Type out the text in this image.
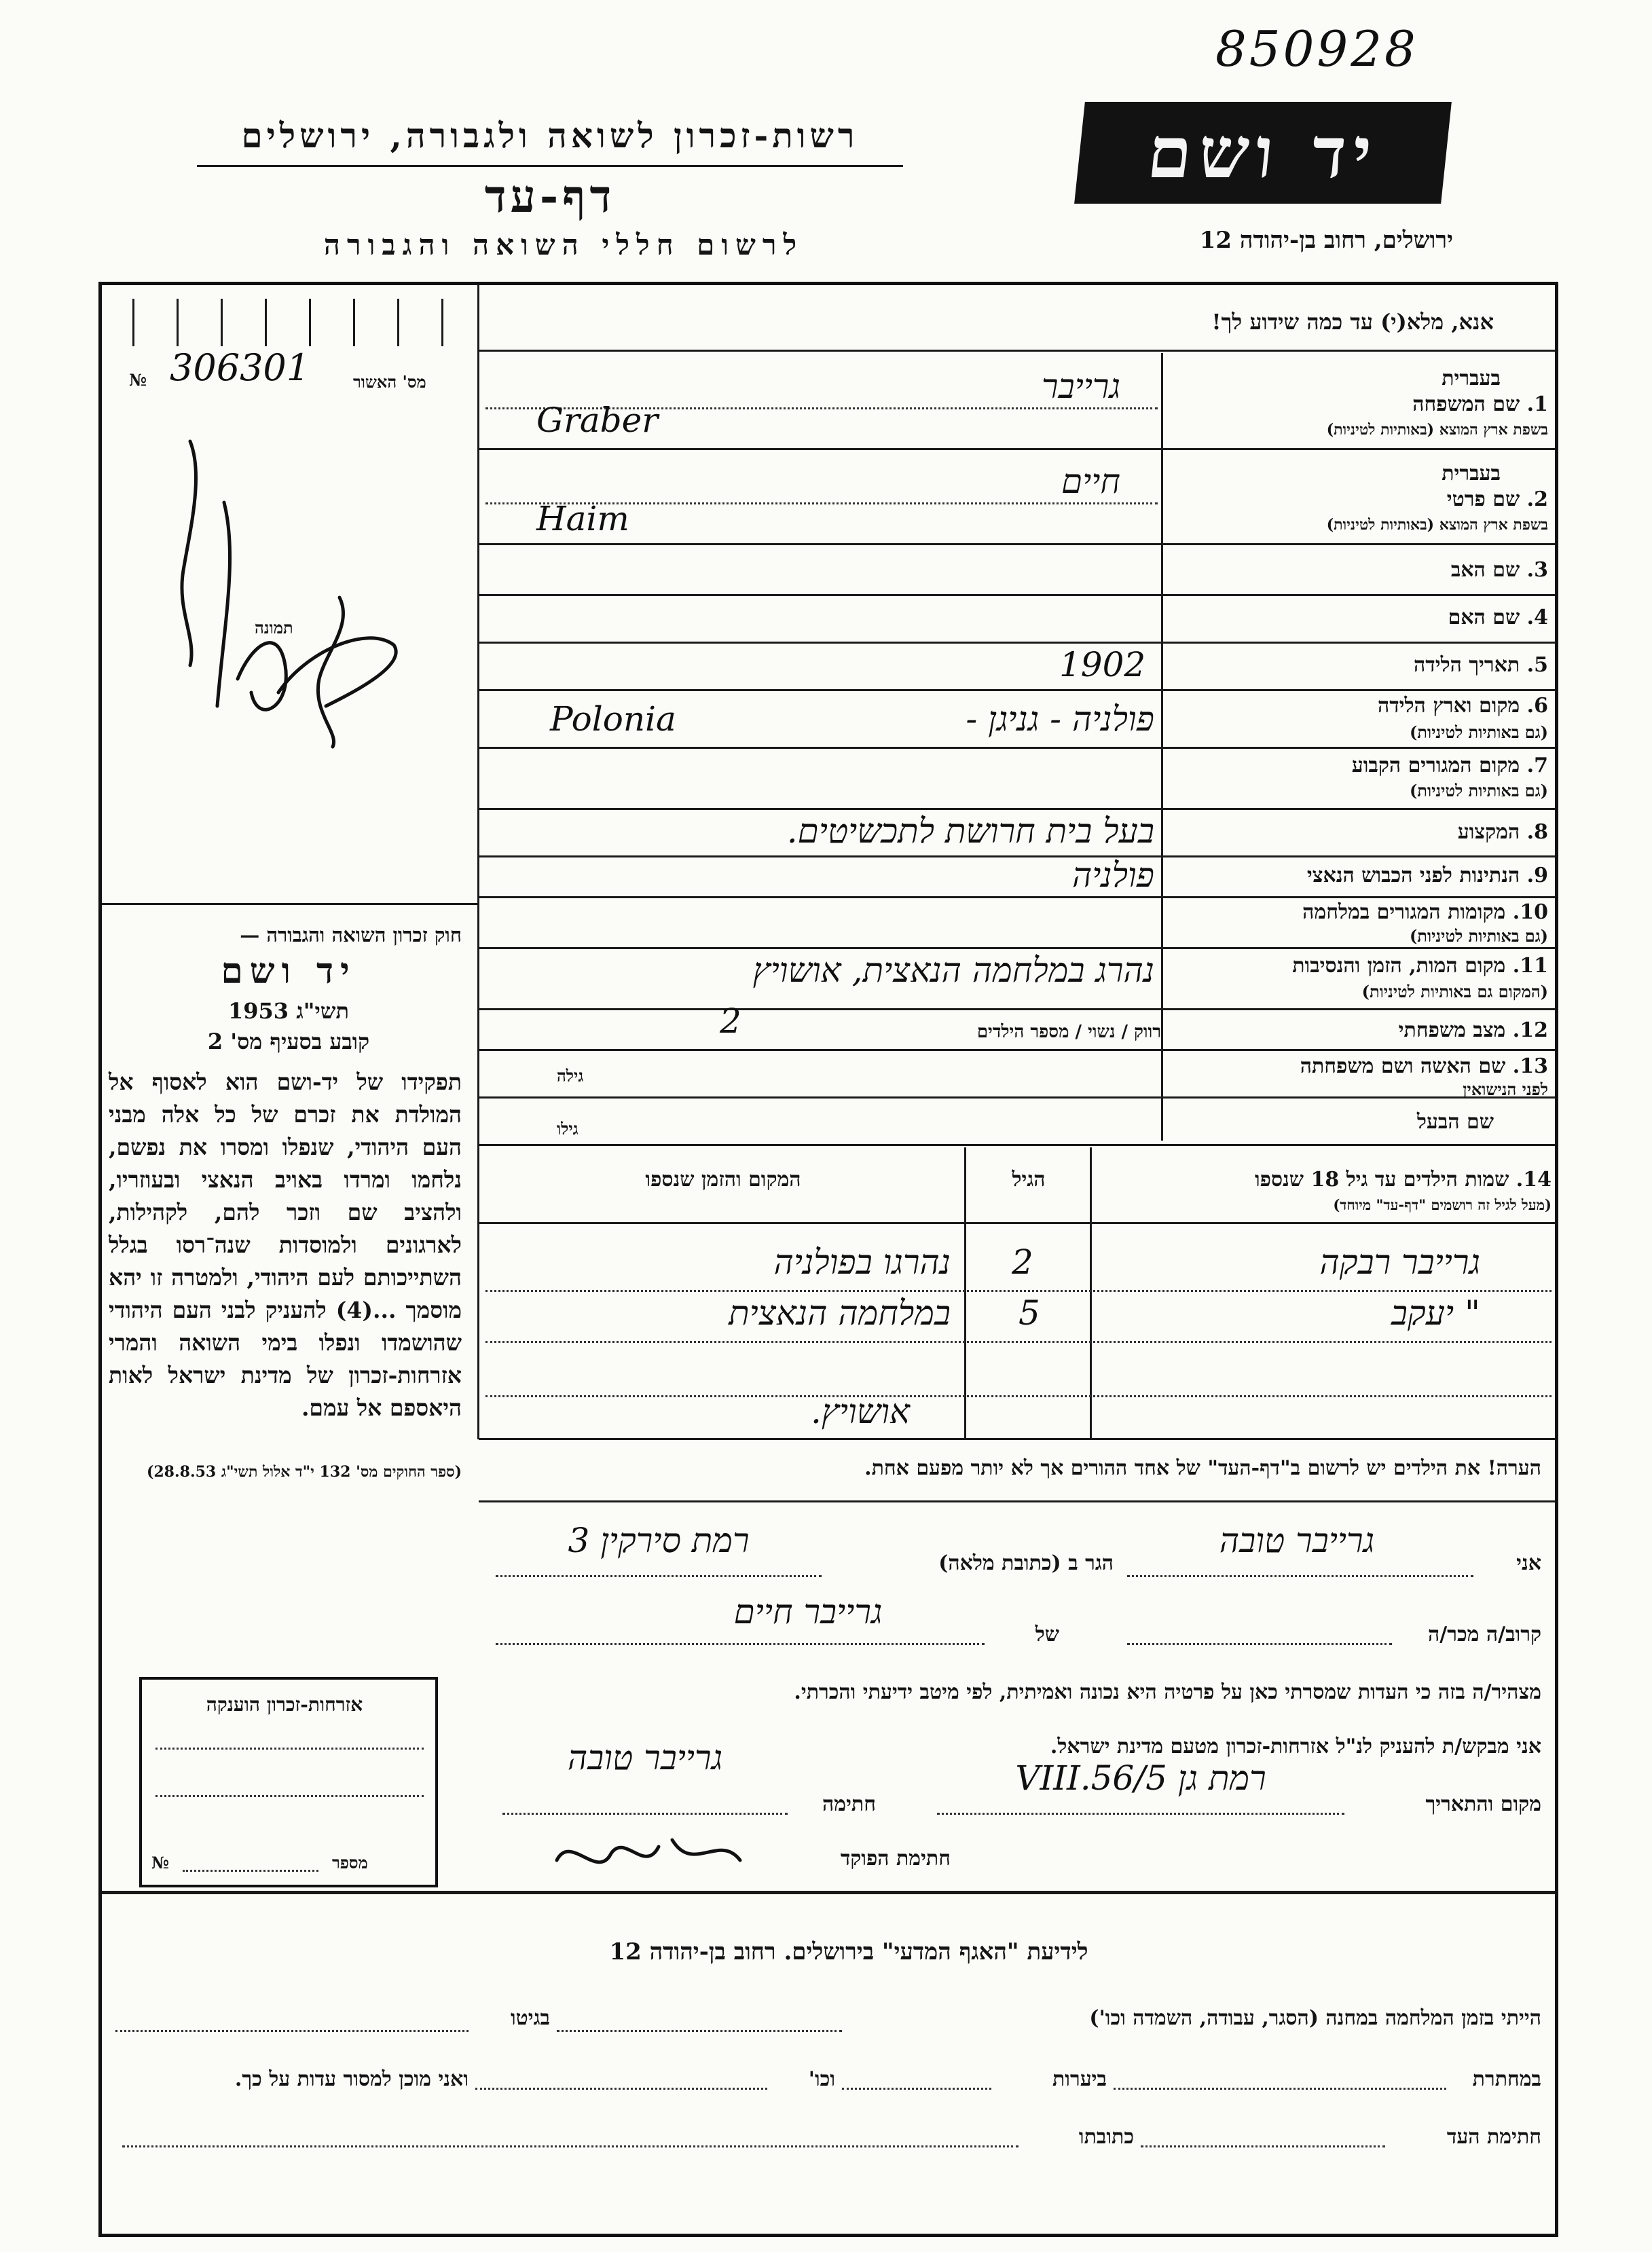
850928
רשות-זכרון לשואה ולגבורה, ירושלים
דף-עד
לרשום חללי השואה והגבורה
יד ושם
ירושלים, רחוב בן-יהודה 12
אנא, מלא(י) עד כמה שידוע לך!
№ 306301	מס' האשור
תמונה
חוק זכרון השואה והגבורה —
יד ושם
תשי"ג 1953
קובע בסעיף מס' 2
תפקידו של יד-ושם הוא לאסוף אל המולדת את זכרם של כל אלה מבני העם היהודי, שנפלו ומסרו את נפשם, נלחמו ומרדו באויב הנאצי ובעוזריו, ולהציב שם וזכר להם, לקהילות, לארגונים ולמוסדות שנה־רסו בגלל השתייכותם לעם היהודי, ולמטרה זו יהא מוסמך ...(4) להעניק לבני העם היהודי שהושמדו ונפלו בימי השואה והמרי אזרחות-זכרון של מדינת ישראל לאות היאספם אל עמם.
(ספר החוקים מס' 132 י"ד אלול תשי"ג 28.8.53)
בעברית
1. שם המשפחה
בשפת ארץ המוצא (באותיות לטיניות)
גרייבר
Graber
בעברית
2. שם פרטי
בשפת ארץ המוצא (באותיות לטיניות)
חיים
Haim
3. שם האב
4. שם האם
5. תאריך הלידה
1902
6. מקום וארץ הלידה
(גם באותיות לטיניות)
פולניה - גניגן -
Polonia
7. מקום המגורים הקבוע
(גם באותיות לטיניות)
8. המקצוע
בעל בית חרושת לתכשיטים.
9. הנתינות לפני הכבוש הנאצי
פולניה
10. מקומות המגורים במלחמה
(גם באותיות לטיניות)
11. מקום המות, הזמן והנסיבות
(המקום גם באותיות לטיניות)
נהרג במלחמה הנאצית, אושויץ
12. מצב משפחתי
רווק / נשוי / מספר הילדים
2
13. שם האשה ושם משפחתה
לפני הנישואין
גילה
שם הבעל
גילו
14. שמות הילדים עד גיל 18 שנספו
(מעל לגיל זה רושמים "דף-עד" מיוחד)
הגיל
המקום והזמן שנספו
גרייבר רבקה
2
נהרגו בפולניה
" יעקב
5
במלחמה הנאצית
אושויץ.
הערה! את הילדים יש לרשום ב"דף-העד" של אחד ההורים אך לא יותר מפעם אחת.
אני
גרייבר טובה
הגר ב (כתובת מלאה)
רמת סירקין 3
קרוב/ה מכר/ה
של
גרייבר חיים
מצהיר/ה בזה כי העדות שמסרתי כאן על פרטיה היא נכונה ואמיתית, לפי מיטב ידיעתי והכרתי.
אני מבקש/ת להעניק לנ"ל אזרחות-זכרון מטעם מדינת ישראל.
מקום והתאריך
רמת גן 5/VIII.56
חתימה
גרייבר טובה
חתימת הפוקד
אזרחות-זכרון הוענקה
№	מספר
לידיעת "האגף המדעי" בירושלים. רחוב בן-יהודה 12
הייתי בזמן המלחמה במחנה (הסגר, עבודה, השמדה וכו')
בגיטו
במחתרת
ביערות
וכו'
ואני מוכן למסור עדות על כך.
חתימת העד
כתובתו
